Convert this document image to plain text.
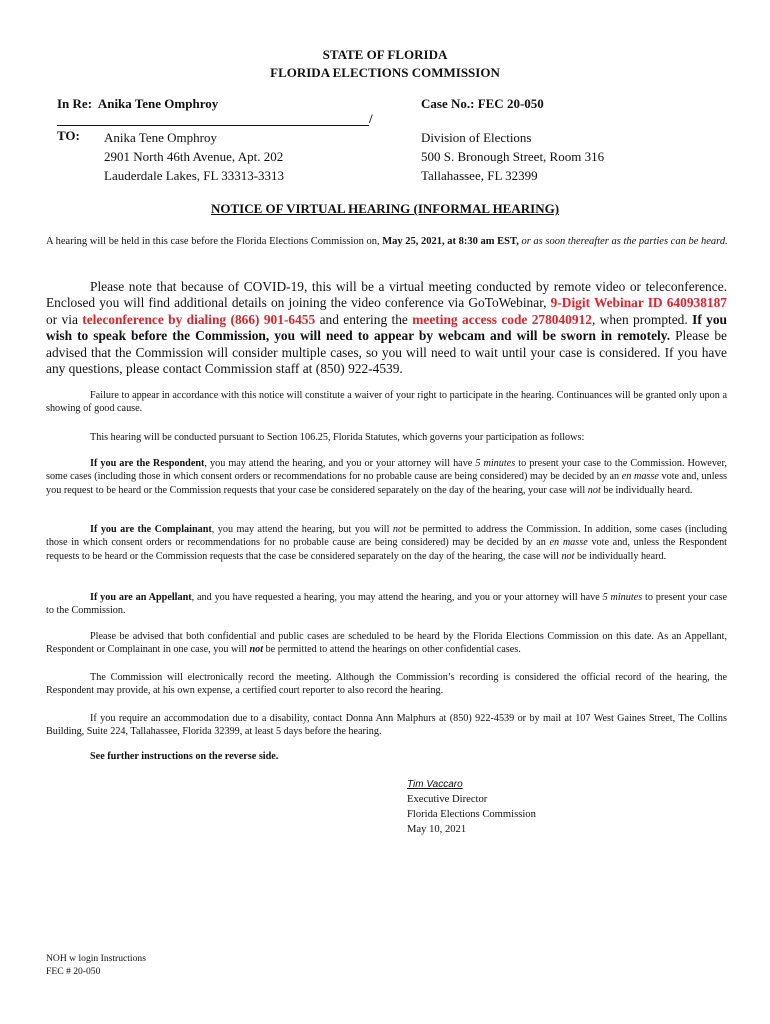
STATE OF FLORIDA
FLORIDA ELECTIONS COMMISSION
In Re: Anika Tene Omphroy	Case No.: FEC 20-050
/
TO: Anika Tene Omphroy
2901 North 46th Avenue, Apt. 202
Lauderdale Lakes, FL 33313-3313
Division of Elections
500 S. Bronough Street, Room 316
Tallahassee, FL 32399
NOTICE OF VIRTUAL HEARING (INFORMAL HEARING)
A hearing will be held in this case before the Florida Elections Commission on, May 25, 2021, at 8:30 am EST, or as soon thereafter as the parties can be heard.
Please note that because of COVID-19, this will be a virtual meeting conducted by remote video or teleconference. Enclosed you will find additional details on joining the video conference via GoToWebinar, 9-Digit Webinar ID 640938187 or via teleconference by dialing (866) 901-6455 and entering the meeting access code 278040912, when prompted. If you wish to speak before the Commission, you will need to appear by webcam and will be sworn in remotely. Please be advised that the Commission will consider multiple cases, so you will need to wait until your case is considered. If you have any questions, please contact Commission staff at (850) 922-4539.
Failure to appear in accordance with this notice will constitute a waiver of your right to participate in the hearing. Continuances will be granted only upon a showing of good cause.
This hearing will be conducted pursuant to Section 106.25, Florida Statutes, which governs your participation as follows:
If you are the Respondent, you may attend the hearing, and you or your attorney will have 5 minutes to present your case to the Commission. However, some cases (including those in which consent orders or recommendations for no probable cause are being considered) may be decided by an en masse vote and, unless you request to be heard or the Commission requests that your case be considered separately on the day of the hearing, your case will not be individually heard.
If you are the Complainant, you may attend the hearing, but you will not be permitted to address the Commission. In addition, some cases (including those in which consent orders or recommendations for no probable cause are being considered) may be decided by an en masse vote and, unless the Respondent requests to be heard or the Commission requests that the case be considered separately on the day of the hearing, the case will not be individually heard.
If you are an Appellant, and you have requested a hearing, you may attend the hearing, and you or your attorney will have 5 minutes to present your case to the Commission.
Please be advised that both confidential and public cases are scheduled to be heard by the Florida Elections Commission on this date. As an Appellant, Respondent or Complainant in one case, you will not be permitted to attend the hearings on other confidential cases.
The Commission will electronically record the meeting. Although the Commission’s recording is considered the official record of the hearing, the Respondent may provide, at his own expense, a certified court reporter to also record the hearing.
If you require an accommodation due to a disability, contact Donna Ann Malphurs at (850) 922-4539 or by mail at 107 West Gaines Street, The Collins Building, Suite 224, Tallahassee, Florida 32399, at least 5 days before the hearing.
See further instructions on the reverse side.
Tim Vaccaro
Executive Director
Florida Elections Commission
May 10, 2021
NOH w login Instructions
FEC # 20-050
